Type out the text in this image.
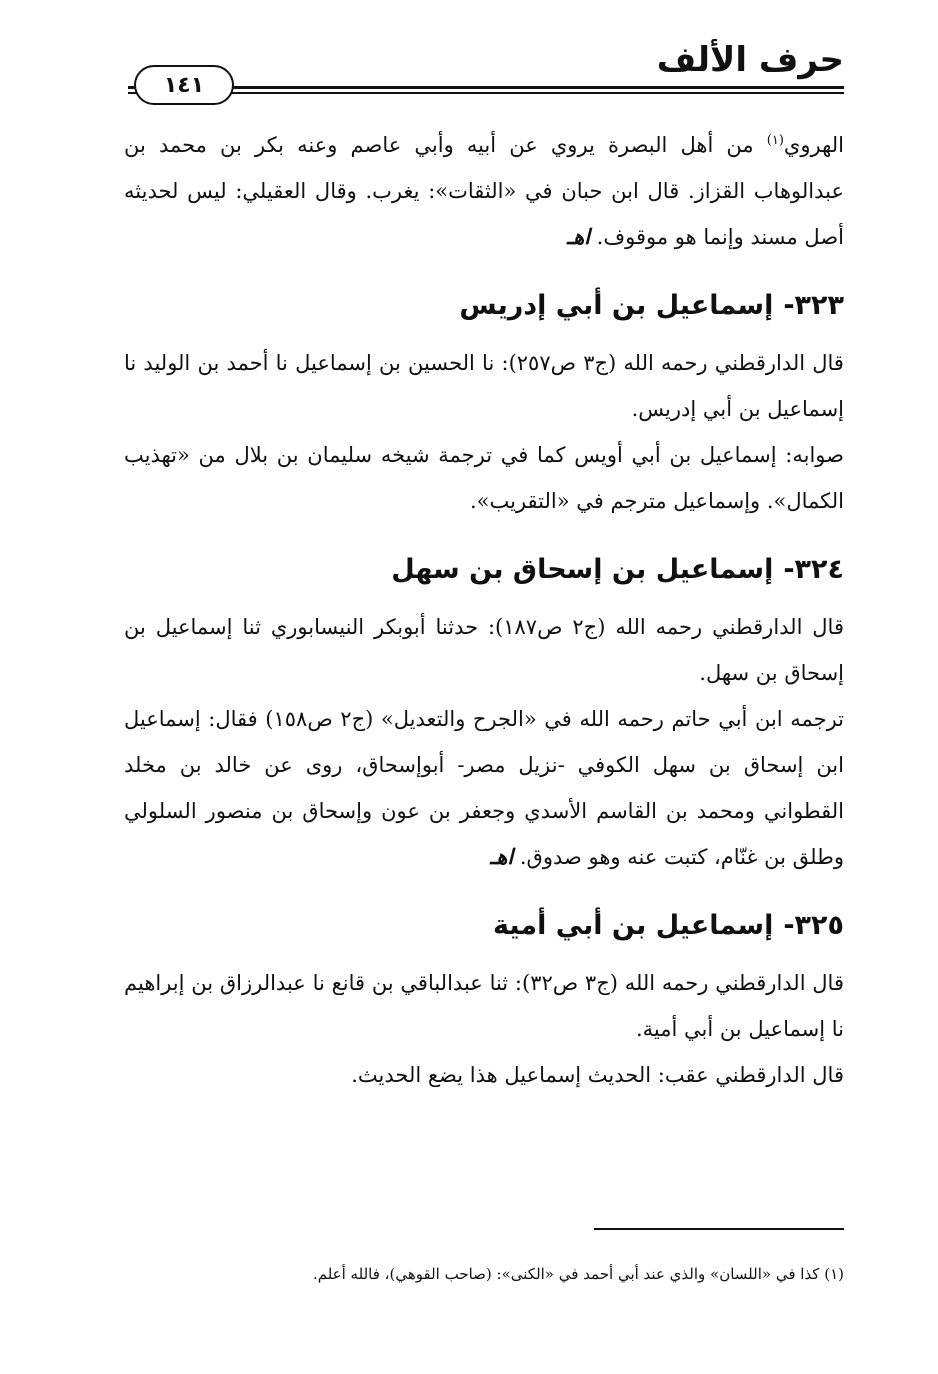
حرف الألف
١٤١

الهروي$^{(١)}$ من أهل البصرة يروي عن أبيه وأبي عاصم وعنه بكر بن محمد بن عبدالوهاب القزاز. قال ابن حبان في «الثقات»: يغرب. وقال العقيلي: ليس لحديثه أصل مسند وإنما هو موقوف. اهـ

٣٢٣-إسماعيل بن أبي إدريس

قال الدارقطني رحمه الله (ج٣ ص٢٥٧): نا الحسين بن إسماعيل نا أحمد بن الوليد نا إسماعيل بن أبي إدريس.

صوابه: إسماعيل بن أبي أويس كما في ترجمة شيخه سليمان بن بلال من «تهذيب الكمال». وإسماعيل مترجم في «التقريب».

٣٢٤-إسماعيل بن إسحاق بن سهل

قال الدارقطني رحمه الله (ج٢ ص١٨٧): حدثنا أبوبكر النيسابوري ثنا إسماعيل بن إسحاق بن سهل.

ترجمه ابن أبي حاتم رحمه الله في «الجرح والتعديل» (ج٢ ص١٥٨) فقال: إسماعيل ابن إسحاق بن سهل الكوفي -نزيل مصر- أبوإسحاق، روى عن خالد بن مخلد القطواني ومحمد بن القاسم الأسدي وجعفر بن عون وإسحاق بن منصور السلولي وطلق بن غنّام، كتبت عنه وهو صدوق. اهـ

٣٢٥-إسماعيل بن أبي أمية

قال الدارقطني رحمه الله (ج٣ ص٣٢): ثنا عبدالباقي بن قانع نا عبدالرزاق بن إبراهيم نا إسماعيل بن أبي أمية.

قال الدارقطني عقب: الحديث إسماعيل هذا يضع الحديث.

(١) كذا في «اللسان» والذي عند أبي أحمد في «الكنى»: (صاحب القوهي)، فالله أعلم.
